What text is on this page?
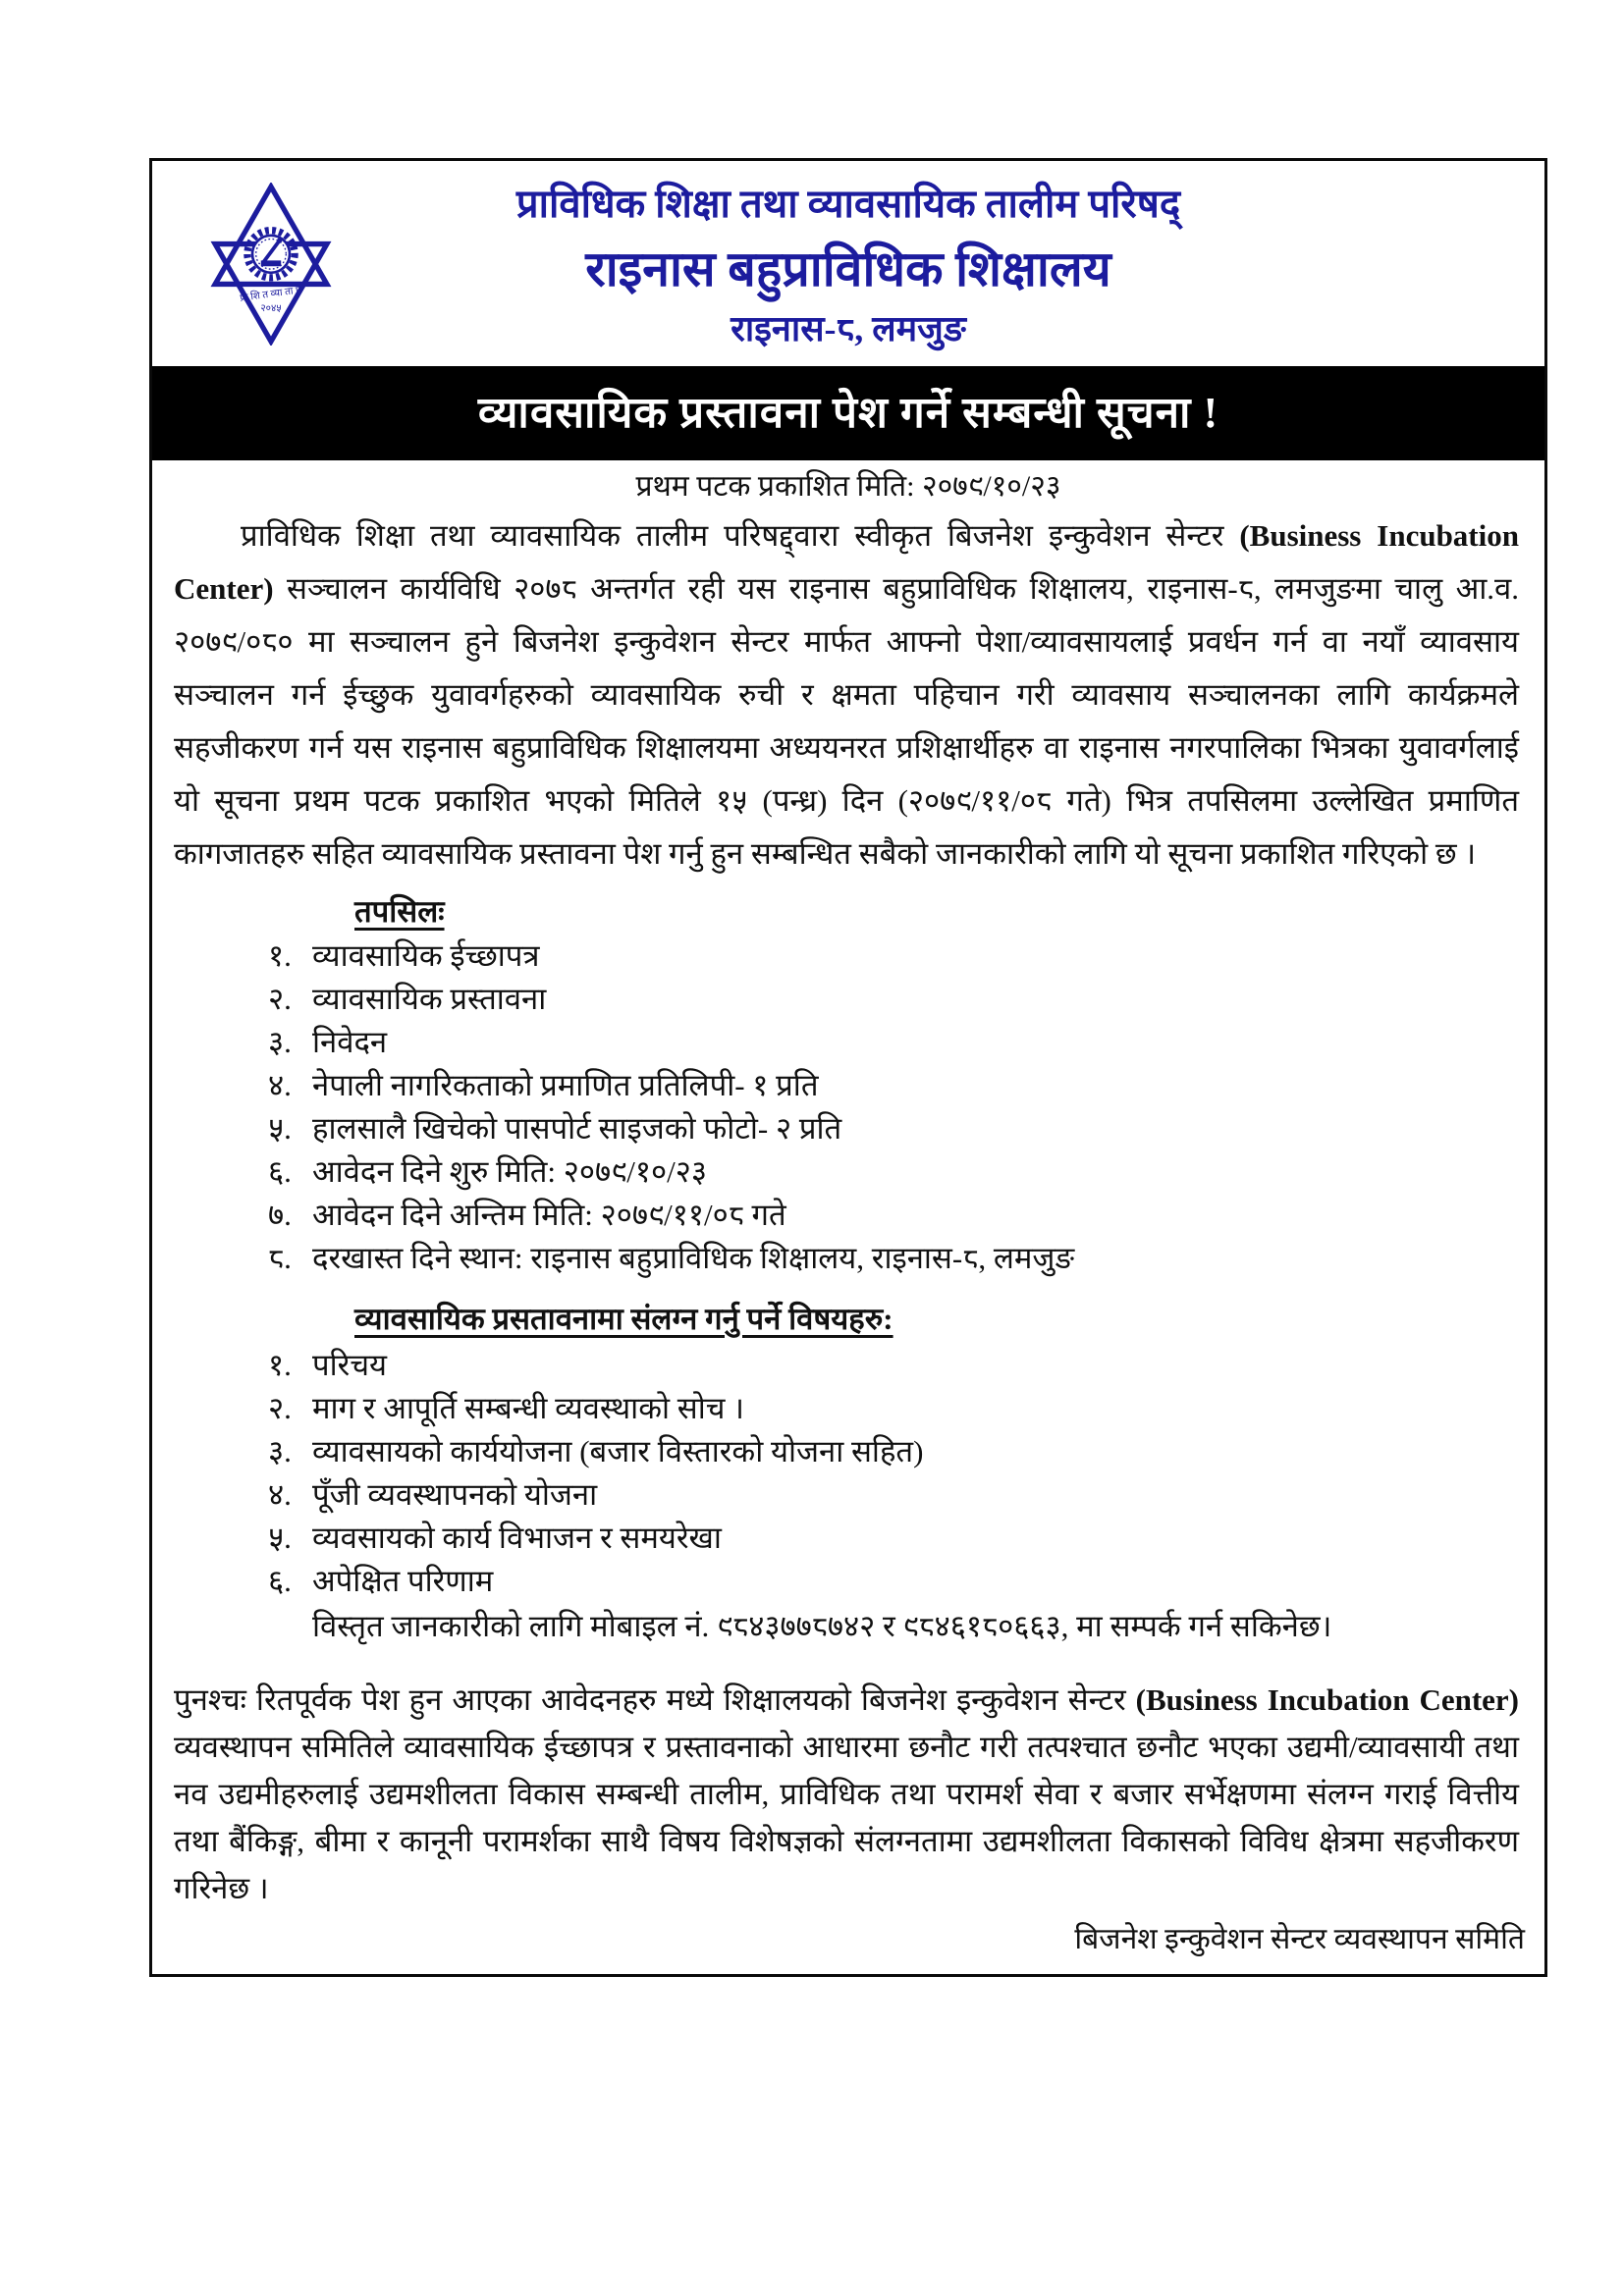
प्रा शि त व्या ता प
२०४५
प्राविधिक शिक्षा तथा व्यावसायिक तालीम परिषद्
राइनास बहुप्राविधिक शिक्षालय
राइनास-८, लमजुङ
व्यावसायिक प्रस्तावना पेश गर्ने सम्बन्धी सूचना !
प्रथम पटक प्रकाशित मिति: २०७९/१०/२३

प्राविधिक शिक्षा तथा व्यावसायिक तालीम परिषद्द्वारा स्वीकृत बिजनेश इन्कुवेशन सेन्टर (Business Incubation Center) सञ्चालन कार्यविधि २०७८ अन्तर्गत रही यस राइनास बहुप्राविधिक शिक्षालय, राइनास-८, लमजुङमा चालु आ.व. २०७९/०८० मा सञ्चालन हुने बिजनेश इन्कुवेशन सेन्टर मार्फत आफ्नो पेशा/व्यावसायलाई प्रवर्धन गर्न वा नयाँ व्यावसाय सञ्चालन गर्न ईच्छुक युवावर्गहरुको व्यावसायिक रुची र क्षमता पहिचान गरी व्यावसाय सञ्चालनका लागि कार्यक्रमले सहजीकरण गर्न यस राइनास बहुप्राविधिक शिक्षालयमा अध्ययनरत प्रशिक्षार्थीहरु वा राइनास नगरपालिका भित्रका युवावर्गलाई यो सूचना प्रथम पटक प्रकाशित भएको मितिले १५ (पन्ध्र) दिन (२०७९/११/०८ गते) भित्र तपसिलमा उल्लेखित प्रमाणित कागजातहरु सहित व्यावसायिक प्रस्तावना पेश गर्नु हुन सम्बन्धित सबैको जानकारीको लागि यो सूचना प्रकाशित गरिएको छ ।

तपसिलः
१. व्यावसायिक ईच्छापत्र
२. व्यावसायिक प्रस्तावना
३. निवेदन
४. नेपाली नागरिकताको प्रमाणित प्रतिलिपी- १ प्रति
५. हालसालै खिचेको पासपोर्ट साइजको फोटो- २ प्रति
६. आवेदन दिने शुरु मिति: २०७९/१०/२३
७. आवेदन दिने अन्तिम मिति: २०७९/११/०८ गते
८. दरखास्त दिने स्थान: राइनास बहुप्राविधिक शिक्षालय, राइनास-८, लमजुङ
व्यावसायिक प्रसतावनामा संलग्न गर्नु पर्ने विषयहरु:
१. परिचय
२. माग र आपूर्ति सम्बन्धी व्यवस्थाको सोच ।
३. व्यावसायको कार्ययोजना (बजार विस्तारको योजना सहित)
४. पूँजी व्यवस्थापनको योजना
५. व्यवसायको कार्य विभाजन र समयरेखा
६. अपेक्षित परिणाम
विस्तृत जानकारीको लागि मोबाइल नं. ९८४३७७८७४२ र ९८४६१८०६६३, मा सम्पर्क गर्न सकिनेछ।

पुनश्चः रितपूर्वक पेश हुन आएका आवेदनहरु मध्ये शिक्षालयको बिजनेश इन्कुवेशन सेन्टर (Business Incubation Center) व्यवस्थापन समितिले व्यावसायिक ईच्छापत्र र प्रस्तावनाको आधारमा छनौट गरी तत्पश्चात छनौट भएका उद्यमी/व्यावसायी तथा नव उद्यमीहरुलाई उद्यमशीलता विकास सम्बन्धी तालीम, प्राविधिक तथा परामर्श सेवा र बजार सर्भेक्षणमा संलग्न गराई वित्तीय तथा बैंकिङ्ग, बीमा र कानूनी परामर्शका साथै विषय विशेषज्ञको संलग्नतामा उद्यमशीलता विकासको विविध क्षेत्रमा सहजीकरण गरिनेछ ।

बिजनेश इन्कुवेशन सेन्टर व्यवस्थापन समिति
